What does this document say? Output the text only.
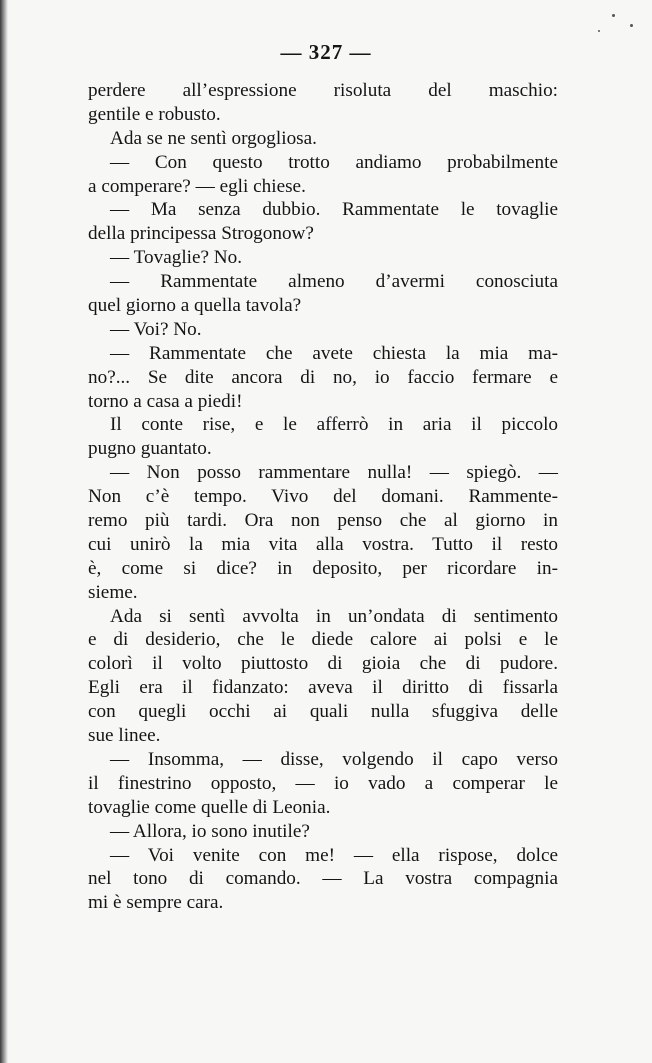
— 327 —
perdere all’espressione risoluta del maschio:
gentile e robusto.
Ada se ne sentì orgogliosa.
— Con questo trotto andiamo probabilmente
a comperare? — egli chiese.
— Ma senza dubbio. Rammentate le tovaglie
della principessa Strogonow?
— Tovaglie? No.
— Rammentate almeno d’avermi conosciuta
quel giorno a quella tavola?
— Voi? No.
— Rammentate che avete chiesta la mia ma-
no?... Se dite ancora di no, io faccio fermare e
torno a casa a piedi!
Il conte rise, e le afferrò in aria il piccolo
pugno guantato.
— Non posso rammentare nulla! — spiegò. —
Non c’è tempo. Vivo del domani. Rammente-
remo più tardi. Ora non penso che al giorno in
cui unirò la mia vita alla vostra. Tutto il resto
è, come si dice? in deposito, per ricordare in-
sieme.
Ada si sentì avvolta in un’ondata di sentimento
e di desiderio, che le diede calore ai polsi e le
colorì il volto piuttosto di gioia che di pudore.
Egli era il fidanzato: aveva il diritto di fissarla
con quegli occhi ai quali nulla sfuggiva delle
sue linee.
— Insomma, — disse, volgendo il capo verso
il finestrino opposto, — io vado a comperar le
tovaglie come quelle di Leonia.
— Allora, io sono inutile?
— Voi venite con me! — ella rispose, dolce
nel tono di comando. — La vostra compagnia
mi è sempre cara.
